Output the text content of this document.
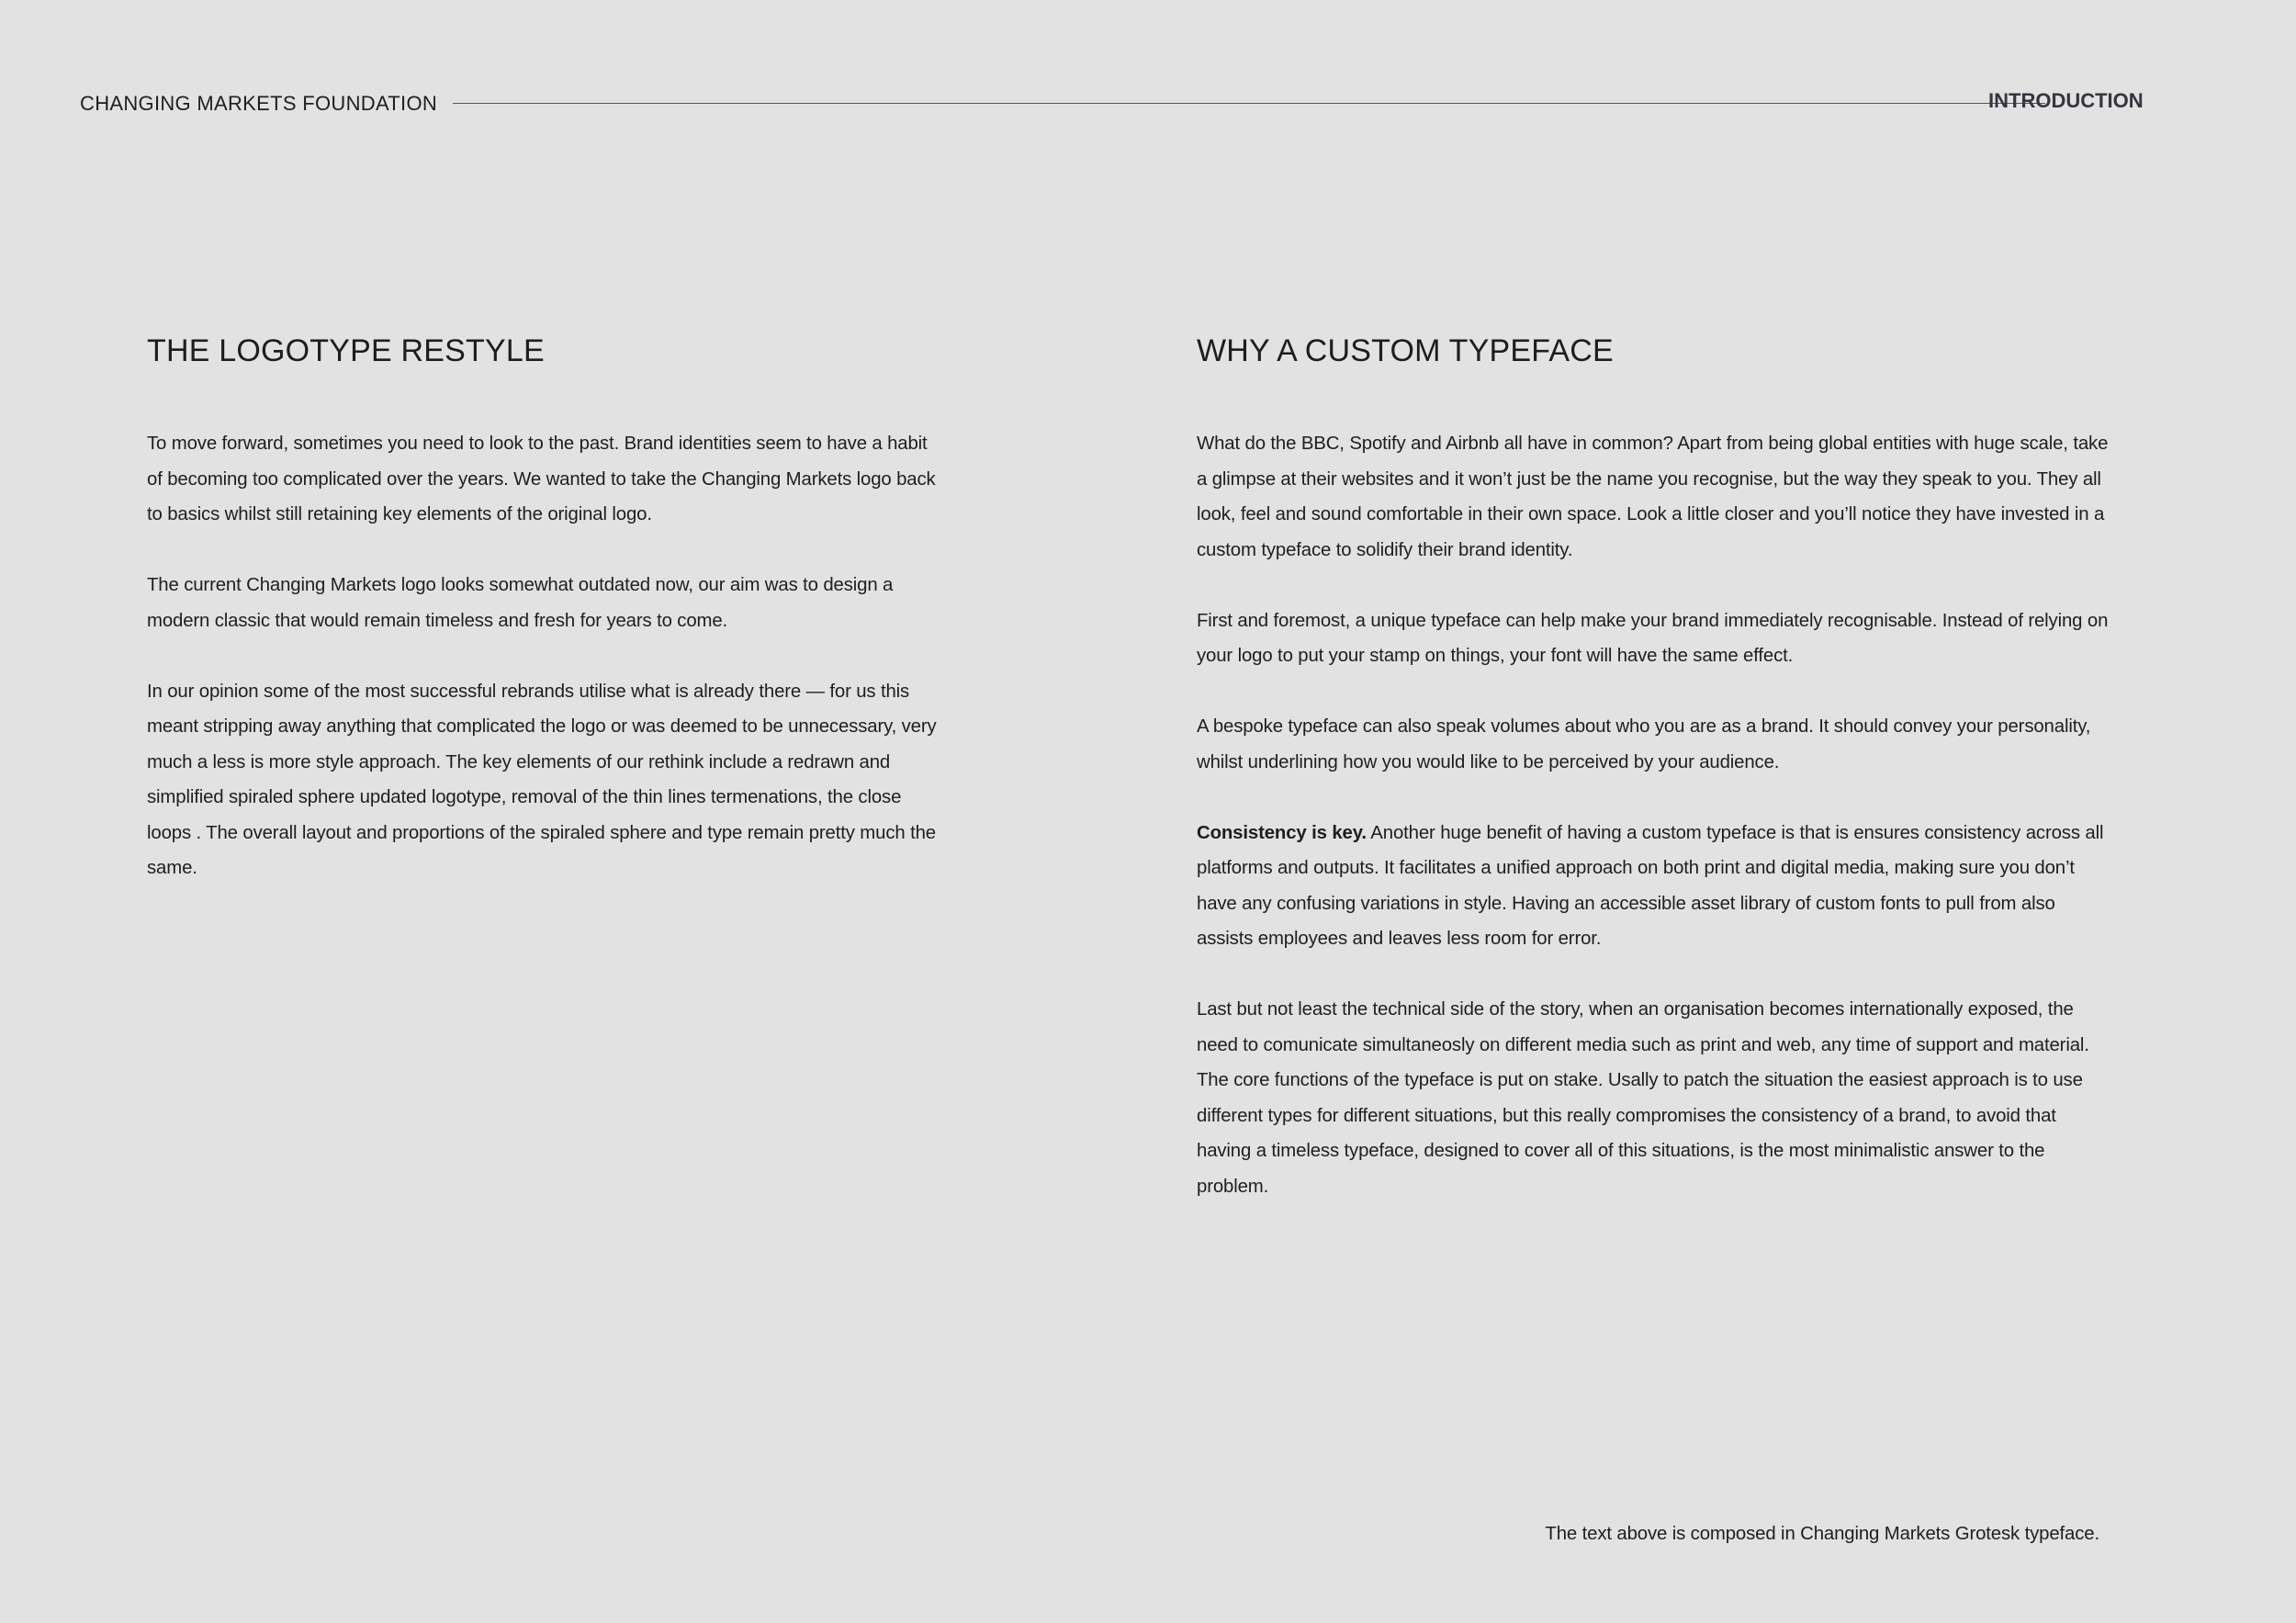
CHANGING MARKETS FOUNDATION	INTRODUCTION
THE LOGOTYPE RESTYLE

To move forward, sometimes you need to look to the past. Brand identities seem to have a habit of becoming too complicated over the years. We wanted to take the Changing Markets logo back to basics whilst still retaining key elements of the original logo.

The current Changing Markets logo looks somewhat outdated now, our aim was to design a modern classic that would remain timeless and fresh for years to come.

In our opinion some of the most successful rebrands utilise what is already there — for us this meant stripping away anything that complicated the logo or was deemed to be unnecessary, very much a less is more style approach. The key elements of our rethink include a redrawn and simplified spiraled sphere updated logotype, removal of the thin lines termenations, the close loops . The overall layout and proportions of the spiraled sphere and type remain pretty much the same.

WHY A CUSTOM TYPEFACE

What do the BBC, Spotify and Airbnb all have in common? Apart from being global entities with huge scale, take a glimpse at their websites and it won’t just be the name you recognise, but the way they speak to you. They all look, feel and sound comfortable in their own space. Look a little closer and you’ll notice they have invested in a custom typeface to solidify their brand identity.

First and foremost, a unique typeface can help make your brand immediately recognisable. Instead of relying on your logo to put your stamp on things, your font will have the same effect.

A bespoke typeface can also speak volumes about who you are as a brand. It should convey your personality, whilst underlining how you would like to be perceived by your audience.

Consistency is key. Another huge benefit of having a custom typeface is that is ensures consistency across all platforms and outputs. It facilitates a unified approach on both print and digital media, making sure you don’t have any confusing variations in style. Having an accessible asset library of custom fonts to pull from also assists employees and leaves less room for error.

Last but not least the technical side of the story, when an organisation becomes internationally exposed, the need to comunicate simultaneosly on different media such as print and web, any time of support and material. The core functions of the typeface is put on stake. Usally to patch the situation the easiest approach is to use different types for different situations, but this really compromises the consistency of a brand, to avoid that having a timeless typeface, designed to cover all of this situations, is the most minimalistic answer to the problem.

The text above is composed in Changing Markets Grotesk typeface.
